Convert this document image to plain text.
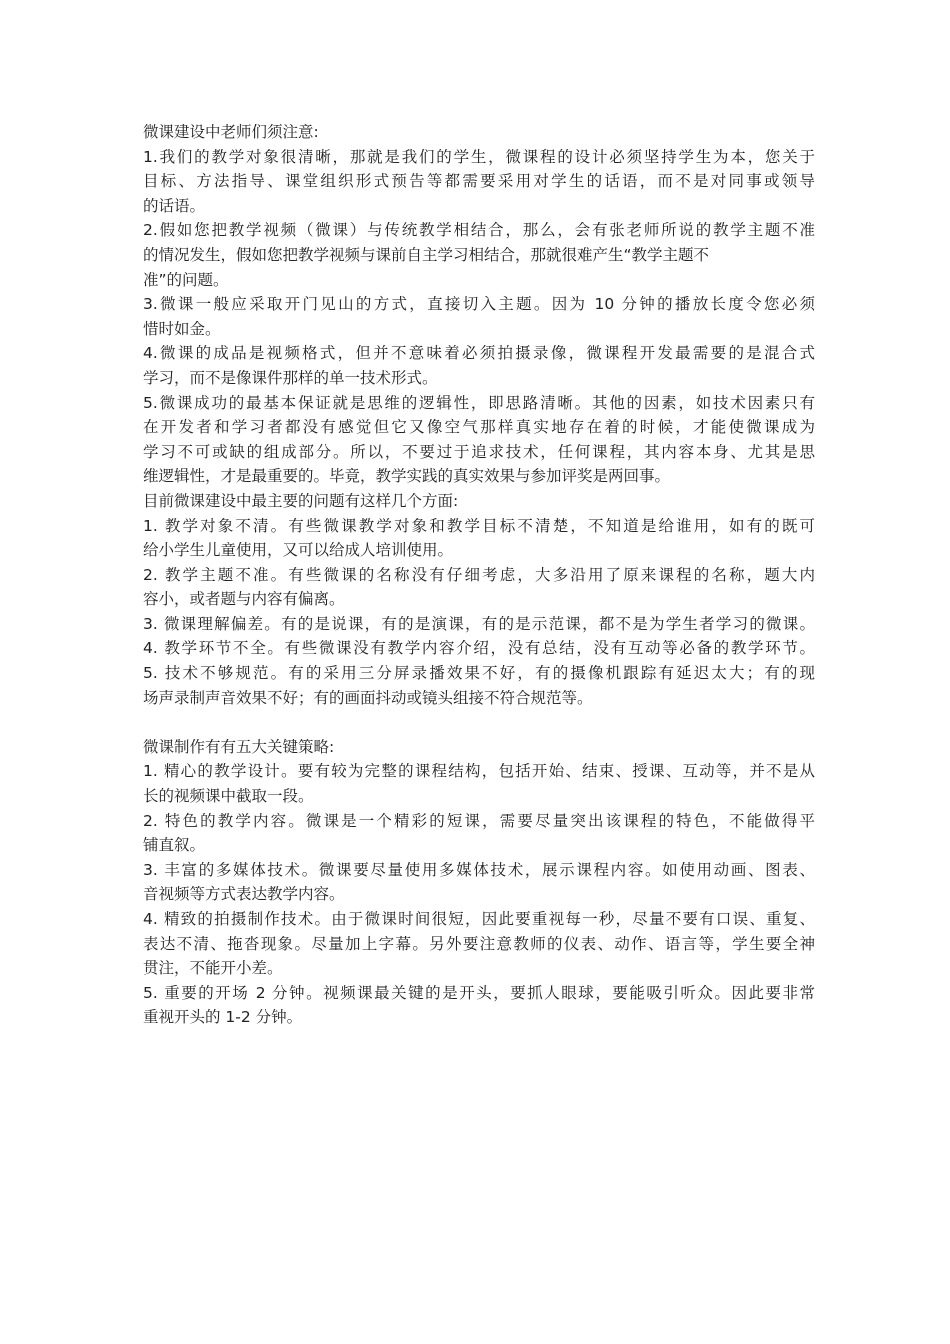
微课建设中老师们须注意:
1.我们的教学对象很清晰，那就是我们的学生，微课程的设计必须坚持学生为本，您关于
目标、方法指导、课堂组织形式预告等都需要采用对学生的话语，而不是对同事或领导
的话语。
2.假如您把教学视频（微课）与传统教学相结合，那么，会有张老师所说的教学主题不准
的情况发生，假如您把教学视频与课前自主学习相结合，那就很难产生“教学主题不
准”的问题。
3.微课一般应采取开门见山的方式，直接切入主题。因为 10 分钟的播放长度令您必须
惜时如金。
4.微课的成品是视频格式，但并不意味着必须拍摄录像，微课程开发最需要的是混合式
学习，而不是像课件那样的单一技术形式。
5.微课成功的最基本保证就是思维的逻辑性，即思路清晰。其他的因素，如技术因素只有
在开发者和学习者都没有感觉但它又像空气那样真实地存在着的时候，才能使微课成为
学习不可或缺的组成部分。所以，不要过于追求技术，任何课程，其内容本身、尤其是思
维逻辑性，才是最重要的。毕竟，教学实践的真实效果与参加评奖是两回事。
目前微课建设中最主要的问题有这样几个方面:
1. 教学对象不清。有些微课教学对象和教学目标不清楚，不知道是给谁用，如有的既可
给小学生儿童使用，又可以给成人培训使用。
2. 教学主题不准。有些微课的名称没有仔细考虑，大多沿用了原来课程的名称，题大内
容小，或者题与内容有偏离。
3. 微课理解偏差。有的是说课，有的是演课，有的是示范课，都不是为学生者学习的微课。
4. 教学环节不全。有些微课没有教学内容介绍，没有总结，没有互动等必备的教学环节。
5. 技术不够规范。有的采用三分屏录播效果不好，有的摄像机跟踪有延迟太大；有的现
场声录制声音效果不好；有的画面抖动或镜头组接不符合规范等。
微课制作有有五大关键策略:
1. 精心的教学设计。要有较为完整的课程结构，包括开始、结束、授课、互动等，并不是从
长的视频课中截取一段。
2. 特色的教学内容。微课是一个精彩的短课，需要尽量突出该课程的特色，不能做得平
铺直叙。
3. 丰富的多媒体技术。微课要尽量使用多媒体技术，展示课程内容。如使用动画、图表、
音视频等方式表达教学内容。
4. 精致的拍摄制作技术。由于微课时间很短，因此要重视每一秒，尽量不要有口误、重复、
表达不清、拖沓现象。尽量加上字幕。另外要注意教师的仪表、动作、语言等，学生要全神
贯注，不能开小差。
5. 重要的开场 2 分钟。视频课最关键的是开头，要抓人眼球，要能吸引听众。因此要非常
重视开头的 1-2 分钟。
